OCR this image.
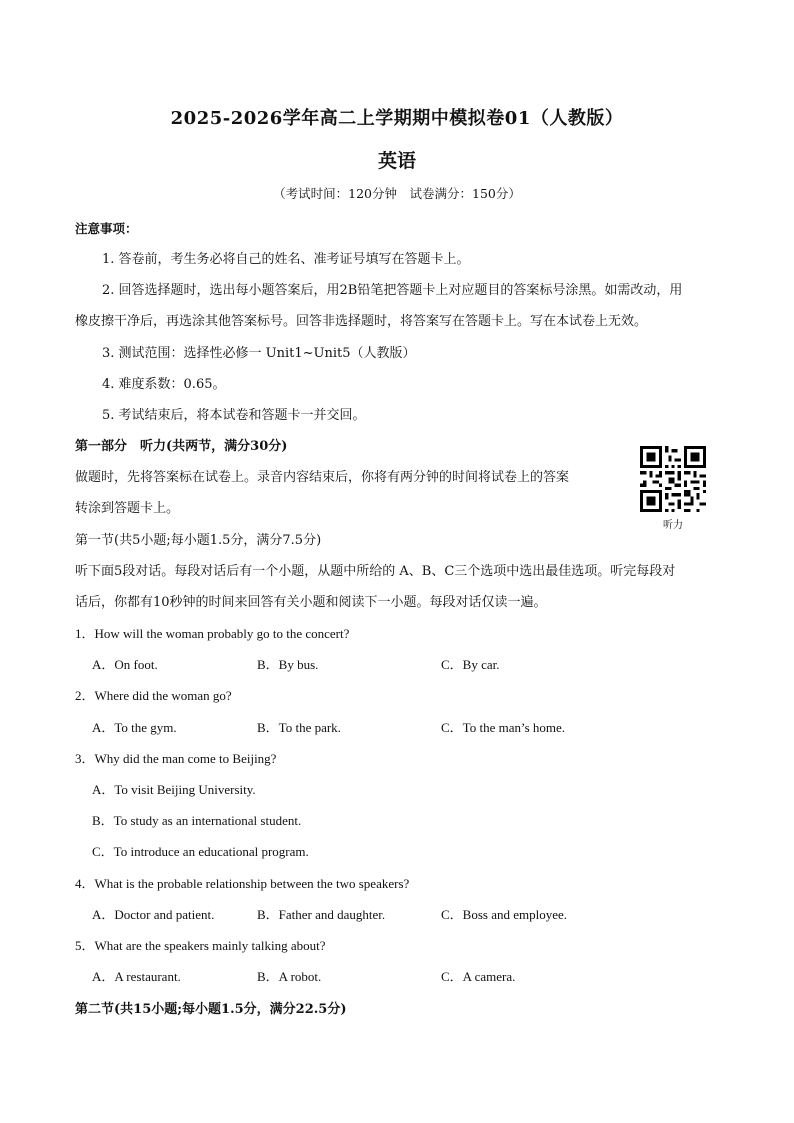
2025-2026学年高二上学期期中模拟卷01（人教版）
英语
（考试时间：120分钟　试卷满分：150分）
注意事项：
1. 答卷前，考生务必将自己的姓名、准考证号填写在答题卡上。
2. 回答选择题时，选出每小题答案后，用2B铅笔把答题卡上对应题目的答案标号涂黑。如需改动，用
橡皮擦干净后，再选涂其他答案标号。回答非选择题时，将答案写在答题卡上。写在本试卷上无效。
3. 测试范围：选择性必修一 Unit1~Unit5（人教版）
4. 难度系数：0.65。
5. 考试结束后，将本试卷和答题卡一并交回。
第一部分　听力(共两节，满分30分)
做题时，先将答案标在试卷上。录音内容结束后，你将有两分钟的时间将试卷上的答案
转涂到答题卡上。
听力
第一节(共5小题;每小题1.5分，满分7.5分)
听下面5段对话。每段对话后有一个小题，从题中所给的 A、B、C三个选项中选出最佳选项。听完每段对
话后，你都有10秒钟的时间来回答有关小题和阅读下一小题。每段对话仅读一遍。
1．How will the woman probably go to the concert?
A．On foot.	B．By bus.	C．By car.
2．Where did the woman go?
A．To the gym.	B．To the park.	C．To the man’s home.
3．Why did the man come to Beijing?
A．To visit Beijing University.
B．To study as an international student.
C．To introduce an educational program.
4．What is the probable relationship between the two speakers?
A．Doctor and patient.	B．Father and daughter.	C．Boss and employee.
5．What are the speakers mainly talking about?
A．A restaurant.	B．A robot.	C．A camera.
第二节(共15小题;每小题1.5分，满分22.5分)
